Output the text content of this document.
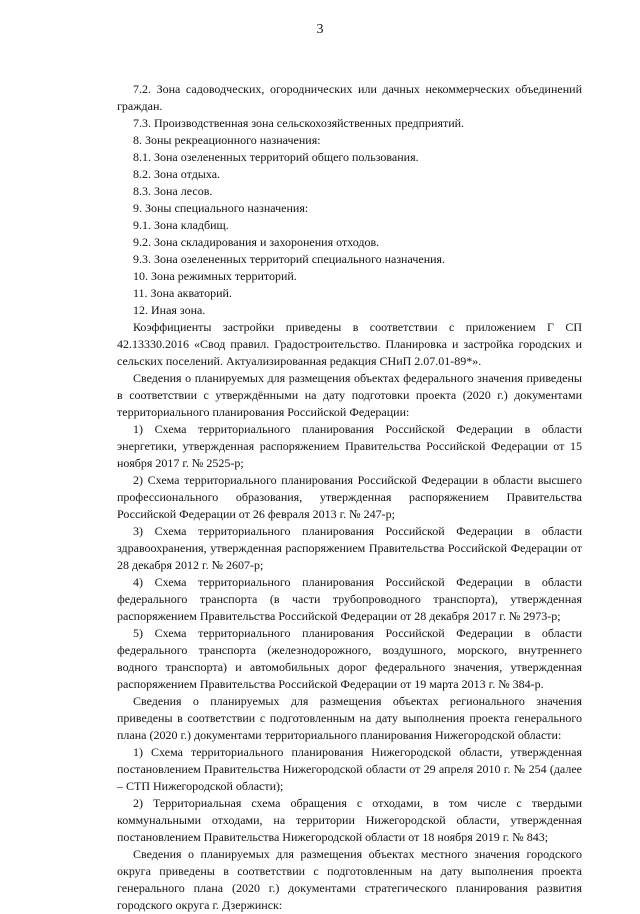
3

7.2. Зона садоводческих, огороднических или дачных некоммерческих объединений граждан.

7.3. Производственная зона сельскохозяйственных предприятий.

8. Зоны рекреационного назначения:

8.1. Зона озелененных территорий общего пользования.

8.2. Зона отдыха.

8.3. Зона лесов.

9. Зоны специального назначения:

9.1. Зона кладбищ.

9.2. Зона складирования и захоронения отходов.

9.3. Зона озелененных территорий специального назначения.

10. Зона режимных территорий.

11. Зона акваторий.

12. Иная зона.

Коэффициенты застройки приведены в соответствии с приложением Г СП 42.13330.2016 «Свод правил. Градостроительство. Планировка и застройка городских и сельских поселений. Актуализированная редакция СНиП 2.07.01-89*».

Сведения о планируемых для размещения объектах федерального значения приведены в соответствии с утверждёнными на дату подготовки проекта (2020 г.) документами территориального планирования Российской Федерации:

1) Схема территориального планирования Российской Федерации в области энергетики, утвержденная распоряжением Правительства Российской Федерации от 15 ноября 2017 г. № 2525-р;

2) Схема территориального планирования Российской Федерации в области высшего профессионального образования, утвержденная распоряжением Правительства Российской Федерации от 26 февраля 2013 г. № 247-р;

3) Схема территориального планирования Российской Федерации в области здравоохранения, утвержденная распоряжением Правительства Российской Федерации от 28 декабря 2012 г. № 2607-р;

4) Схема территориального планирования Российской Федерации в области федерального транспорта (в части трубопроводного транспорта), утвержденная распоряжением Правительства Российской Федерации от 28 декабря 2017 г. № 2973-р;

5) Схема территориального планирования Российской Федерации в области федерального транспорта (железнодорожного, воздушного, морского, внутреннего водного транспорта) и автомобильных дорог федерального значения, утвержденная распоряжением Правительства Российской Федерации от 19 марта 2013 г. № 384-р.

Сведения о планируемых для размещения объектах регионального значения приведены в соответствии с подготовленным на дату выполнения проекта генерального плана (2020 г.) документами территориального планирования Нижегородской области:

1) Схема территориального планирования Нижегородской области, утвержденная постановлением Правительства Нижегородской области от 29 апреля 2010 г. № 254 (далее – СТП Нижегородской области);

2) Территориальная схема обращения с отходами, в том числе с твердыми коммунальными отходами, на территории Нижегородской области, утвержденная постановлением Правительства Нижегородской области от 18 ноября 2019 г. № 843;

Сведения о планируемых для размещения объектах местного значения городского округа приведены в соответствии с подготовленным на дату выполнения проекта генерального плана (2020 г.) документами стратегического планирования развития городского округа г. Дзержинск:
